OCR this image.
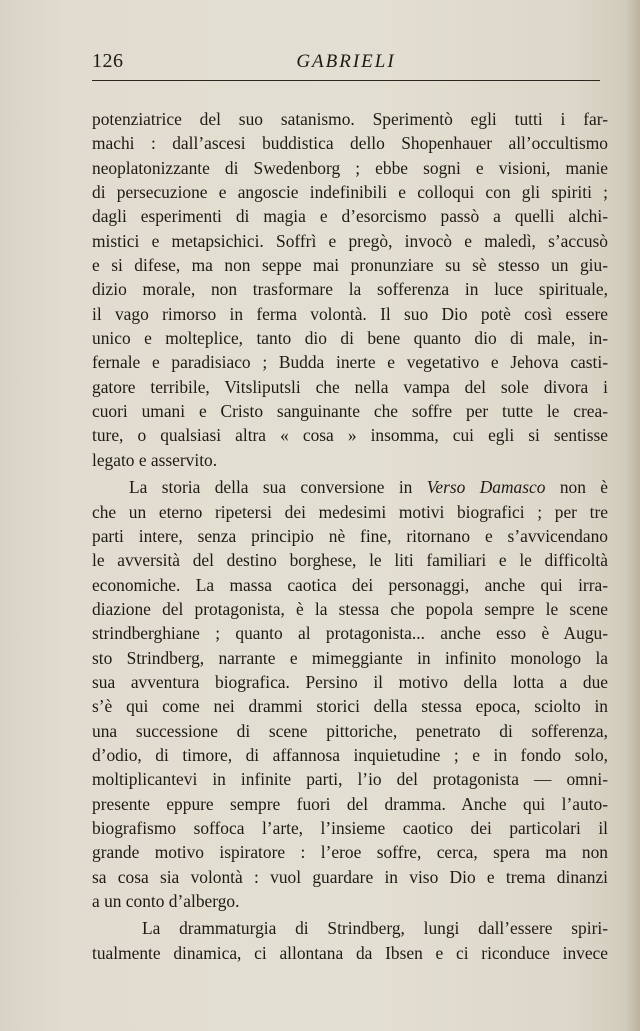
126	GABRIELI
potenziatrice del suo satanismo. Sperimentò egli tutti i far-
machi : dall’ascesi buddistica dello Shopenhauer all’occultismo
neoplatonizzante di Swedenborg ; ebbe sogni e visioni, manie
di persecuzione e angoscie indefinibili e colloqui con gli spiriti ;
dagli esperimenti di magia e d’esorcismo passò a quelli alchi-
mistici e metapsichici. Soffrì e pregò, invocò e maledì, s’accusò
e si difese, ma non seppe mai pronunziare su sè stesso un giu-
dizio morale, non trasformare la sofferenza in luce spirituale,
il vago rimorso in ferma volontà. Il suo Dio potè così essere
unico e molteplice, tanto dio di bene quanto dio di male, in-
fernale e paradisiaco ; Budda inerte e vegetativo e Jehova casti-
gatore terribile, Vitsliputsli che nella vampa del sole divora i
cuori umani e Cristo sanguinante che soffre per tutte le crea-
ture, o qualsiasi altra « cosa » insomma, cui egli si sentisse
legato e asservito.
La storia della sua conversione in Verso Damasco non è
che un eterno ripetersi dei medesimi motivi biografici ; per tre
parti intere, senza principio nè fine, ritornano e s’avvicendano
le avversità del destino borghese, le liti familiari e le difficoltà
economiche. La massa caotica dei personaggi, anche qui irra-
diazione del protagonista, è la stessa che popola sempre le scene
strindberghiane ; quanto al protagonista... anche esso è Augu-
sto Strindberg, narrante e mimeggiante in infinito monologo la
sua avventura biografica. Persino il motivo della lotta a due
s’è qui come nei drammi storici della stessa epoca, sciolto in
una successione di scene pittoriche, penetrato di sofferenza,
d’odio, di timore, di affannosa inquietudine ; e in fondo solo,
moltiplicantevi in infinite parti, l’io del protagonista — omni-
presente eppure sempre fuori del dramma. Anche qui l’auto-
biografismo soffoca l’arte, l’insieme caotico dei particolari il
grande motivo ispiratore : l’eroe soffre, cerca, spera ma non
sa cosa sia volontà : vuol guardare in viso Dio e trema dinanzi
a un conto d’albergo.
La drammaturgia di Strindberg, lungi dall’essere spiri-
tualmente dinamica, ci allontana da Ibsen e ci riconduce invece
